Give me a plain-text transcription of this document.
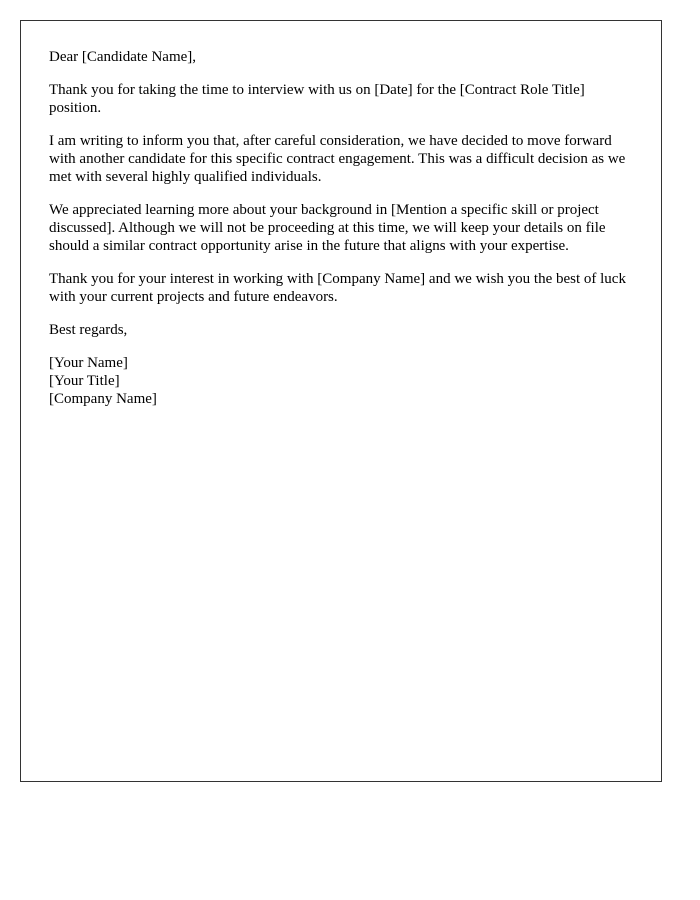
Dear [Candidate Name],

Thank you for taking the time to interview with us on [Date] for the [Contract Role Title] position.

I am writing to inform you that, after careful consideration, we have decided to move forward with another candidate for this specific contract engagement. This was a difficult decision as we met with several highly qualified individuals.

We appreciated learning more about your background in [Mention a specific skill or project discussed]. Although we will not be proceeding at this time, we will keep your details on file should a similar contract opportunity arise in the future that aligns with your expertise.

Thank you for your interest in working with [Company Name] and we wish you the best of luck with your current projects and future endeavors.

Best regards,

[Your Name]

[Your Title]

[Company Name]
